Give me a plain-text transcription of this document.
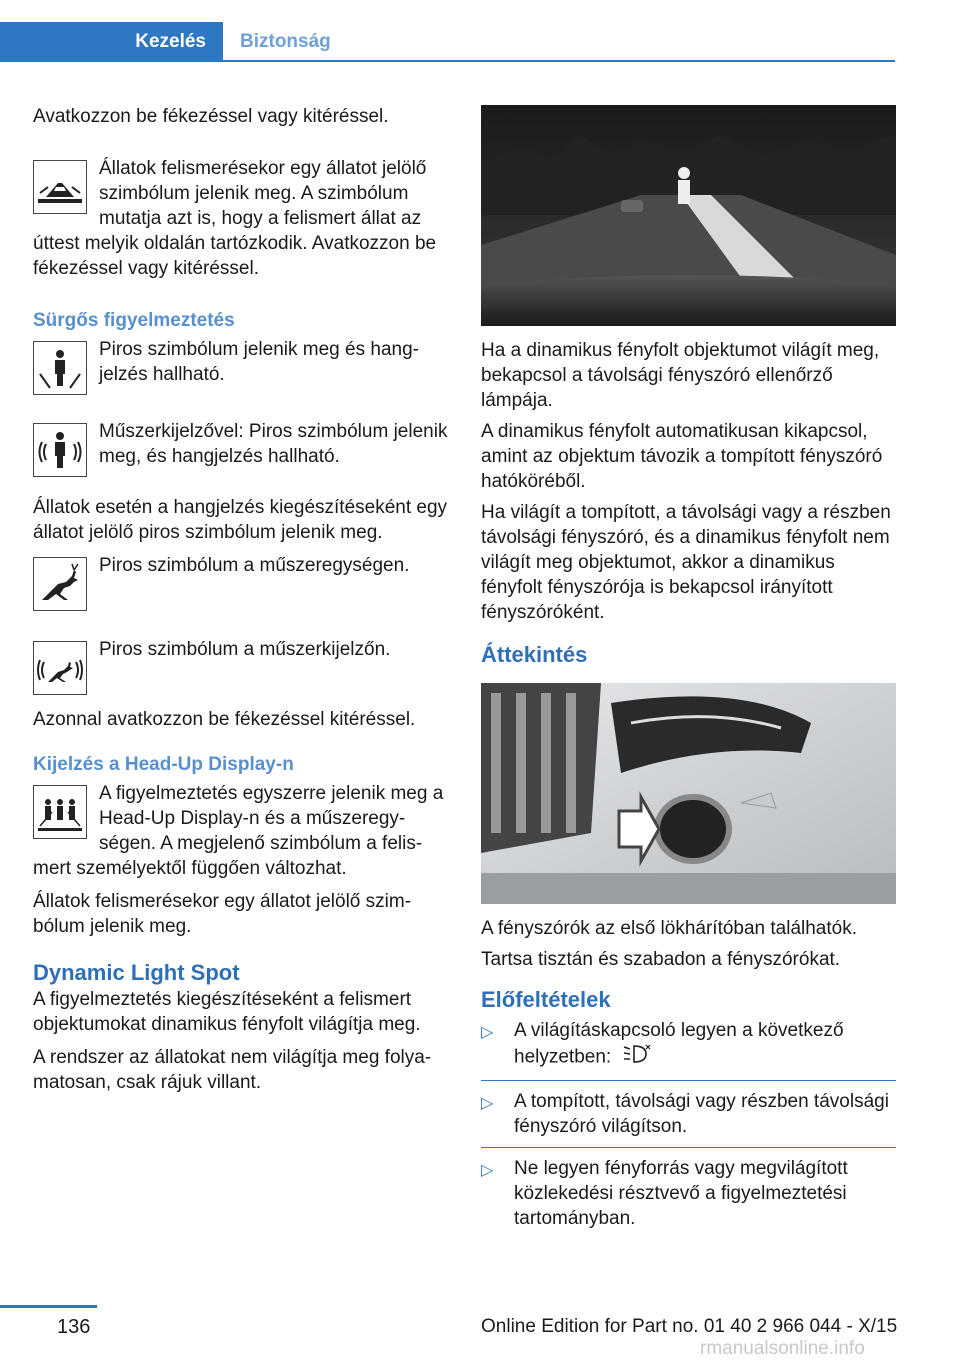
Kezelés Biztonság

Avatkozzon be fékezéssel vagy kitéréssel.

Állatok felismerésekor egy állatot jelölő szimbólum jelenik meg. A szimbólum mutatja azt is, hogy a felismert állat az úttest melyik oldalán tartózkodik. Avatkozzon be fékezéssel vagy kitéréssel.

Sürgős figyelmeztetés

Piros szimbólum jelenik meg és hangjelzés hallható.

Műszerkijelzővel: Piros szimbólum jelenik meg, és hangjelzés hallható.

Állatok esetén a hangjelzés kiegészítéseként egy állatot jelölő piros szimbólum jelenik meg.

Piros szimbólum a műszeregységen.

Piros szimbólum a műszerkijelzőn.

Azonnal avatkozzon be fékezéssel kitéréssel.

Kijelzés a Head-Up Display-n

A figyelmeztetés egyszerre jelenik meg a Head-Up Display-n és a műszeregységen. A megjelenő szimbólum a felismert személyektől függően változhat.

Állatok felismerésekor egy állatot jelölő szimbólum jelenik meg.

Dynamic Light Spot

A figyelmeztetés kiegészítéseként a felismert objektumokat dinamikus fényfolt világítja meg.

A rendszer az állatokat nem világítja meg folyamatosan, csak rájuk villant.

Ha a dinamikus fényfolt objektumot világít meg, bekapcsol a távolsági fényszóró ellenőrző lámpája.

A dinamikus fényfolt automatikusan kikapcsol, amint az objektum távozik a tompított fényszóró hatóköréből.

Ha világít a tompított, a távolsági vagy a részben távolsági fényszóró, és a dinamikus fényfolt nem világít meg objektumot, akkor a dinamikus fényfolt fényszórója is bekapcsol irányított fényszóróként.

Áttekintés

A fényszórók az első lökhárítóban találhatók.

Tartsa tisztán és szabadon a fényszórókat.

Előfeltételek
▷ A világításkapcsoló legyen a következő helyzetben:
▷ A tompított, távolsági vagy részben távolsági fényszóró világítson.
▷ Ne legyen fényforrás vagy megvilágított közlekedési résztvevő a figyelmeztetési tartományban.
136	Online Edition for Part no. 01 40 2 966 044 - X/15
rmanualsonline.info
